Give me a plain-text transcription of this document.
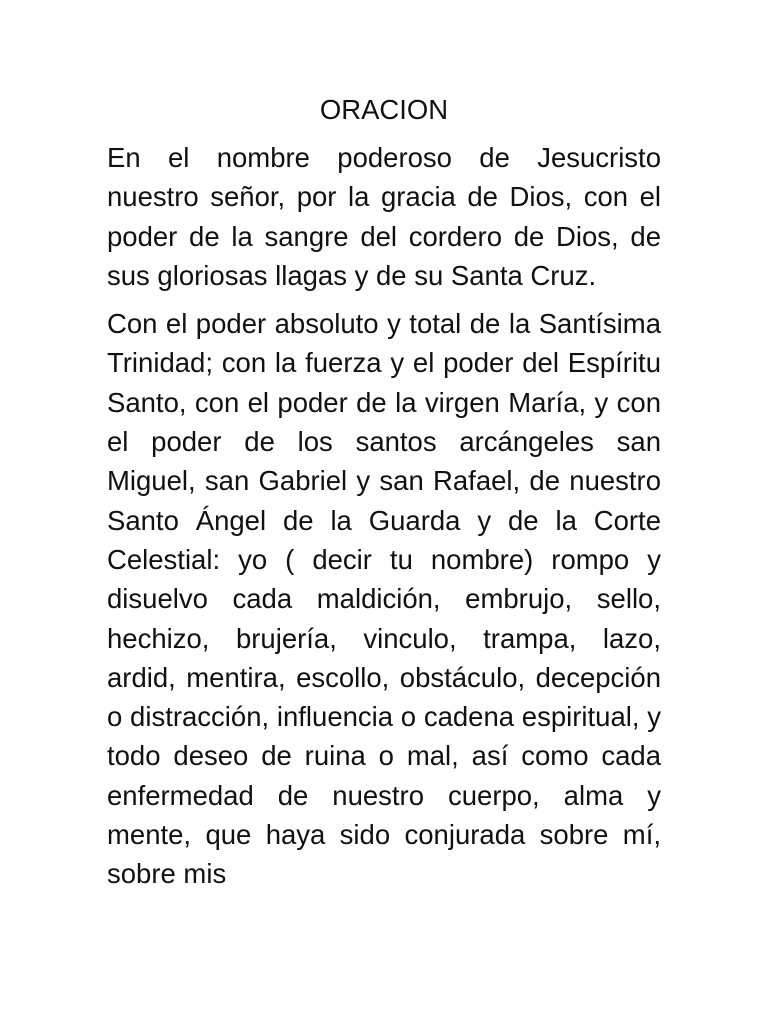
ORACION

En el nombre poderoso de Jesucristo nuestro señor, por la gracia de Dios, con el poder de la sangre del cordero de Dios, de sus gloriosas llagas y de su Santa Cruz.

Con el poder absoluto y total de la Santísima Trinidad; con la fuerza y el poder del Espíritu Santo, con el poder de la virgen María, y con el poder de los santos arcángeles san Miguel, san Gabriel y san Rafael, de nuestro Santo Ángel de la Guarda y de la Corte Celestial: yo ( decir tu nombre) rompo y disuelvo cada maldición, embrujo, sello, hechizo, brujería, vinculo, trampa, lazo, ardid, mentira, escollo, obstáculo, decepción o distracción, influencia o cadena espiritual, y todo deseo de ruina o mal, así como cada enfermedad de nuestro cuerpo, alma y mente, que haya sido conjurada sobre mí, sobre mis
